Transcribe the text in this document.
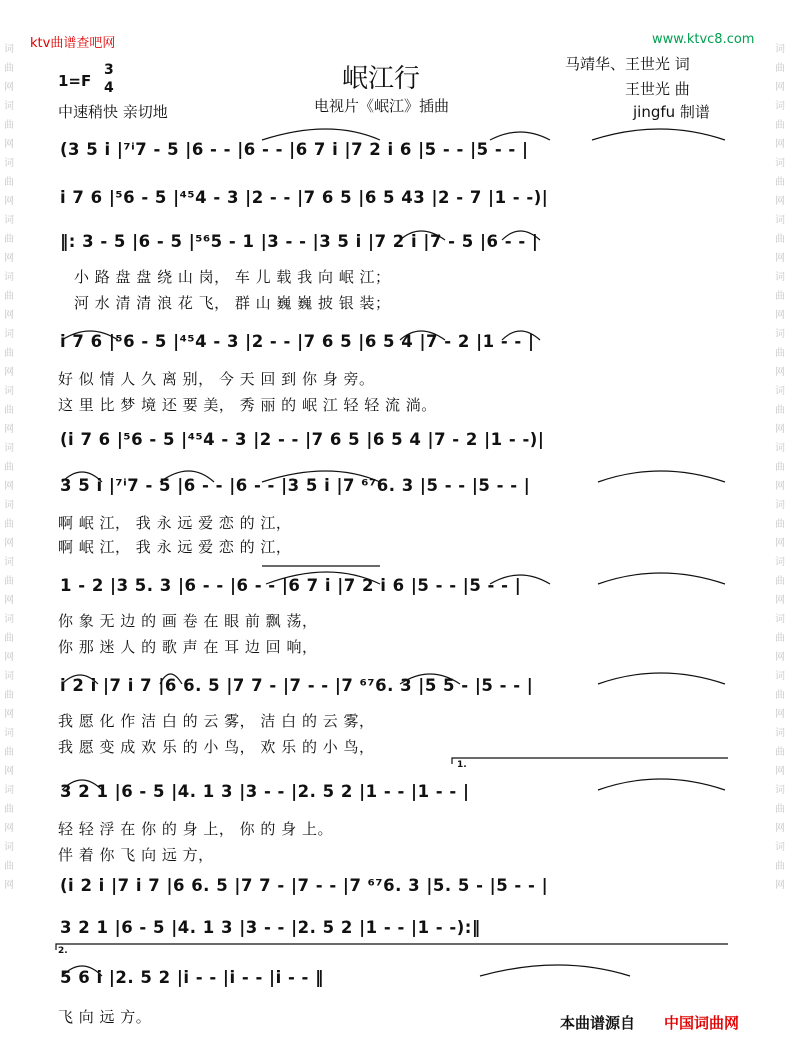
词曲网词曲网词曲网词曲网词曲网词曲网词曲网词曲网词曲网词曲网词曲网词曲网词曲网词曲网词曲网
词曲网词曲网词曲网词曲网词曲网词曲网词曲网词曲网词曲网词曲网词曲网词曲网词曲网词曲网词曲网
ktv曲谱查吧网	www.ktvc8.com
岷江行
电视片《岷江》插曲
1=F
3
4
中速稍快 亲切地
马靖华、王世光 词
王世光 曲
jingfu 制谱
(3 5 i |⁷ⁱ7 - 5 |6 - - |6 - - |6 7 i |7 2 i 6 |5 - - |5 - - |
i 7 6 |⁵6 - 5 |⁴⁵4 - 3 |2 - - |7 6 5 |6 5 43 |2 - 7 |1 - -)|
‖: 3 - 5 |6 - 5 |⁵⁶5 - 1 |3 - - |3 5 i |7 2 i |7 - 5 |6 - - |
小 路 盘 盘 绕 山 岗， 车 儿 载 我 向 岷 江；
河 水 清 清 浪 花 飞， 群 山 巍 巍 披 银 装；
i 7 6 |⁵6 - 5 |⁴⁵4 - 3 |2 - - |7 6 5 |6 5 4 |7 - 2 |1 - - |
好 似 情 人 久 离 别， 今 天 回 到 你 身 旁。
这 里 比 梦 境 还 要 美， 秀 丽 的 岷 江 轻 轻 流 淌。
(i 7 6 |⁵6 - 5 |⁴⁵4 - 3 |2 - - |7 6 5 |6 5 4 |7 - 2 |1 - -)|
3 5 i |⁷ⁱ7 - 5 |6 - - |6 - - |3 5 i |7 ⁶⁷6. 3 |5 - - |5 - - |
啊 岷 江， 我 永 远 爱 恋 的 江，
啊 岷 江， 我 永 远 爱 恋 的 江，
1 - 2 |3 5. 3 |6 - - |6 - - |6 7 i |7 2 i 6 |5 - - |5 - - |
你 象 无 边 的 画 卷 在 眼 前 飘 荡，
你 那 迷 人 的 歌 声 在 耳 边 回 响，
i 2 i |7 i 7 |6 6. 5 |7 7 - |7 - - |7 ⁶⁷6. 3 |5 5 - |5 - - |
我 愿 化 作 洁 白 的 云 雾， 洁 白 的 云 雾，
我 愿 变 成 欢 乐 的 小 鸟， 欢 乐 的 小 鸟，
3 2 1 |6 - 5 |4. 1 3 |3 - - |2. 5 2 |1 - - |1 - - |
轻 轻 浮 在 你 的 身 上， 你 的 身 上。
伴 着 你 飞 向 远 方，
(i 2 i |7 i 7 |6 6. 5 |7 7 - |7 - - |7 ⁶⁷6. 3 |5. 5 - |5 - - |
3 2 1 |6 - 5 |4. 1 3 |3 - - |2. 5 2 |1 - - |1 - -):‖
5 6 i |2. 5 2 |i - - |i - - |i - - ‖
飞 向 远 方。
1.
2.
本曲谱源自 中国词曲网
